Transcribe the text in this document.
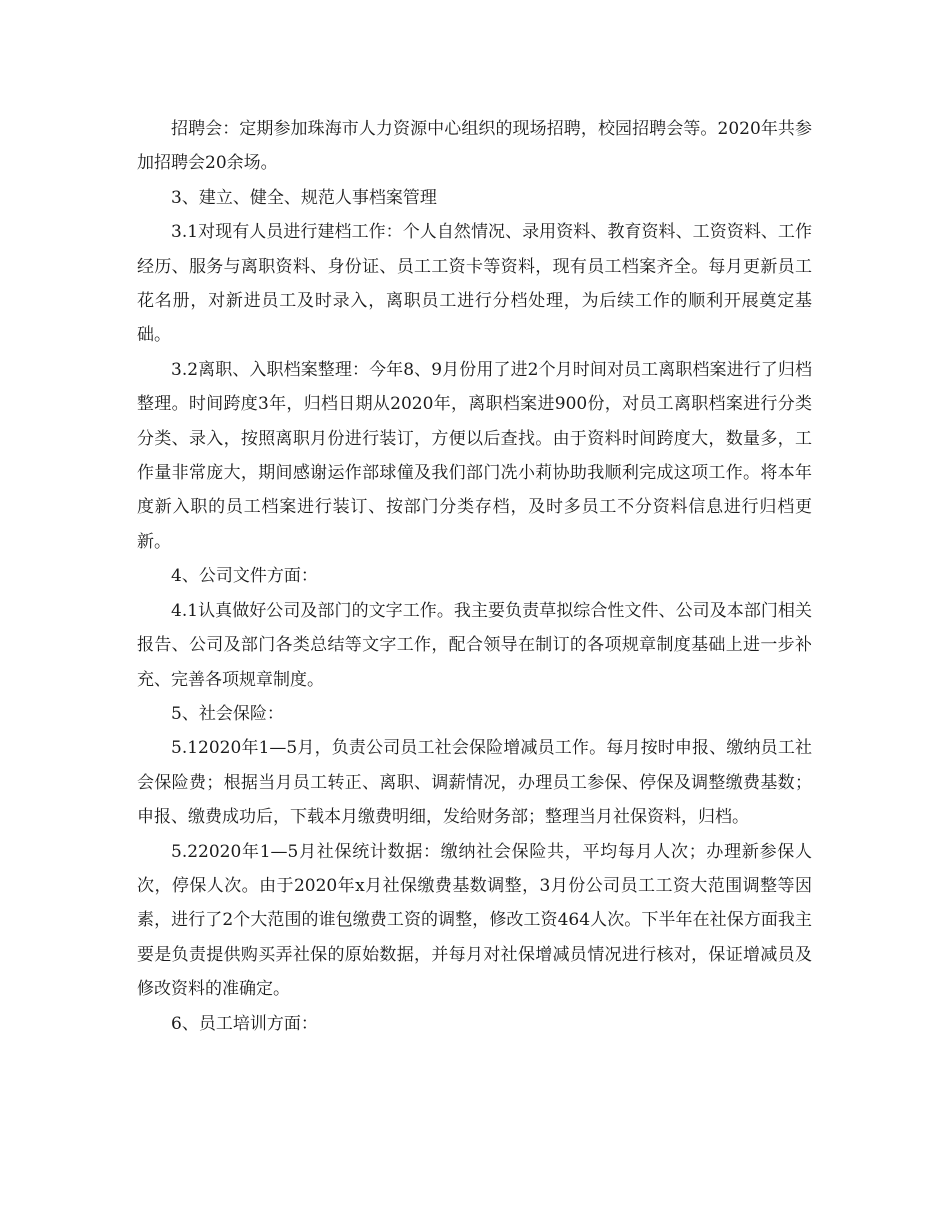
招聘会：定期参加珠海市人力资源中心组织的现场招聘，校园招聘会等。2020年共参加招聘会20余场。

3、建立、健全、规范人事档案管理

3.1对现有人员进行建档工作：个人自然情况、录用资料、教育资料、工资资料、工作经历、服务与离职资料、身份证、员工工资卡等资料，现有员工档案齐全。每月更新员工花名册，对新进员工及时录入，离职员工进行分档处理，为后续工作的顺利开展奠定基础。

3.2离职、入职档案整理：今年8、9月份用了进2个月时间对员工离职档案进行了归档整理。时间跨度3年，归档日期从2020年，离职档案进900份，对员工离职档案进行分类分类、录入，按照离职月份进行装订，方便以后查找。由于资料时间跨度大，数量多，工作量非常庞大，期间感谢运作部球僮及我们部门冼小莉协助我顺利完成这项工作。将本年度新入职的员工档案进行装订、按部门分类存档，及时多员工不分资料信息进行归档更新。

4、公司文件方面：

4.1认真做好公司及部门的文字工作。我主要负责草拟综合性文件、公司及本部门相关报告、公司及部门各类总结等文字工作，配合领导在制订的各项规章制度基础上进一步补充、完善各项规章制度。

5、社会保险：

5.12020年1—5月，负责公司员工社会保险增减员工作。每月按时申报、缴纳员工社会保险费；根据当月员工转正、离职、调薪情况，办理员工参保、停保及调整缴费基数；申报、缴费成功后，下载本月缴费明细，发给财务部；整理当月社保资料，归档。

5.22020年1—5月社保统计数据：缴纳社会保险共，平均每月人次；办理新参保人次，停保人次。由于2020年x月社保缴费基数调整，3月份公司员工工资大范围调整等因素，进行了2个大范围的谁包缴费工资的调整，修改工资464人次。下半年在社保方面我主要是负责提供购买弄社保的原始数据，并每月对社保增减员情况进行核对，保证增减员及修改资料的准确定。

6、员工培训方面：
